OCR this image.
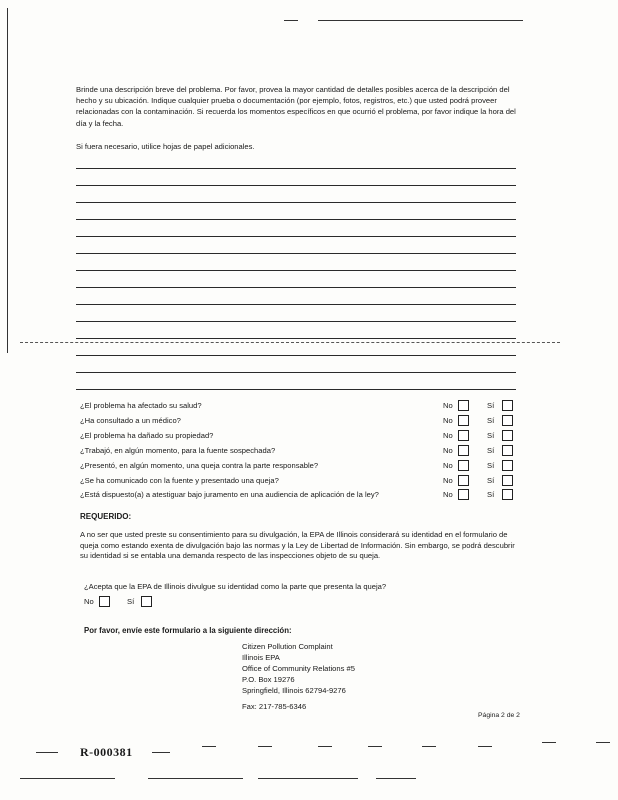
Brinde una descripción breve del problema. Por favor, provea la mayor cantidad de detalles posibles acerca de la descripción del hecho y su ubicación. Indique cualquier prueba o documentación (por ejemplo, fotos, registros, etc.) que usted podrá proveer relacionadas con la contaminación. Si recuerda los momentos específicos en que ocurrió el problema, por favor indique la hora del día y la fecha.
Si fuera necesario, utilice hojas de papel adicionales.
¿El problema ha afectado su salud?	No	Sí
¿Ha consultado a un médico?	No	Sí
¿El problema ha dañado su propiedad?	No	Sí
¿Trabajó, en algún momento, para la fuente sospechada?	No	Sí
¿Presentó, en algún momento, una queja contra la parte responsable?	No	Sí
¿Se ha comunicado con la fuente y presentado una queja?	No	Sí
¿Está dispuesto(a) a atestiguar bajo juramento en una audiencia de aplicación de la ley?	No	Sí
REQUERIDO:
A no ser que usted preste su consentimiento para su divulgación, la EPA de Illinois considerará su identidad en el formulario de queja como estando exenta de divulgación bajo las normas y la Ley de Libertad de Información. Sin embargo, se podrá descubrir su identidad si se entabla una demanda respecto de las inspecciones objeto de su queja.
¿Acepta que la EPA de Illinois divulgue su identidad como la parte que presenta la queja?
No	Sí
Por favor, envíe este formulario a la siguiente dirección:
Citizen Pollution Complaint
Illinois EPA
Office of Community Relations #5
P.O. Box 19276
Springfield, Illinois 62794-9276
Fax: 217-785-6346
Página 2 de 2
R-000381
